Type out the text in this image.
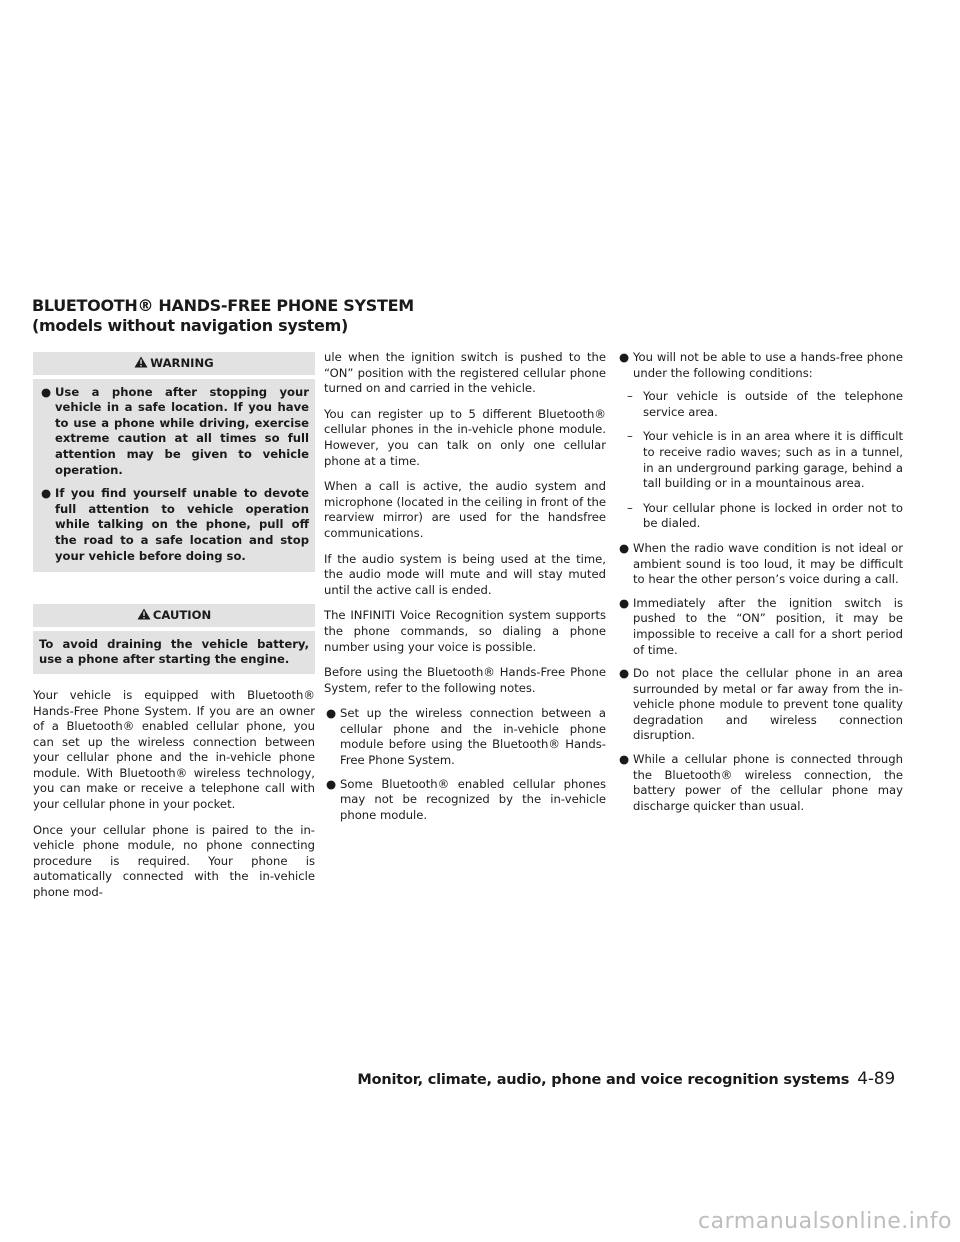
BLUETOOTH® HANDS-FREE PHONE SYSTEM
(models without navigation system)
WARNING
● Use a phone after stopping your vehicle in a safe location. If you have to use a phone while driving, exercise extreme caution at all times so full attention may be given to vehicle operation.
● If you find yourself unable to devote full attention to vehicle operation while talking on the phone, pull off the road to a safe location and stop your vehicle before doing so.
CAUTION
To avoid draining the vehicle battery, use a phone after starting the engine.

Your vehicle is equipped with Bluetooth® Hands-Free Phone System. If you are an owner of a Bluetooth® enabled cellular phone, you can set up the wireless connection between your cellular phone and the in-vehicle phone module. With Bluetooth® wireless technology, you can make or receive a telephone call with your cellular phone in your pocket.

Once your cellular phone is paired to the in-vehicle phone module, no phone connecting procedure is required. Your phone is automatically connected with the in-vehicle phone mod-

ule when the ignition switch is pushed to the “ON” position with the registered cellular phone turned on and carried in the vehicle.

You can register up to 5 different Bluetooth® cellular phones in the in-vehicle phone module. However, you can talk on only one cellular phone at a time.

When a call is active, the audio system and microphone (located in the ceiling in front of the rearview mirror) are used for the handsfree communications.

If the audio system is being used at the time, the audio mode will mute and will stay muted until the active call is ended.

The INFINITI Voice Recognition system supports the phone commands, so dialing a phone number using your voice is possible.

Before using the Bluetooth® Hands-Free Phone System, refer to the following notes.

● Set up the wireless connection between a cellular phone and the in-vehicle phone module before using the Bluetooth® Hands-Free Phone System.
● Some Bluetooth® enabled cellular phones may not be recognized by the in-vehicle phone module.
● You will not be able to use a hands-free phone under the following conditions:
– Your vehicle is outside of the telephone service area.
– Your vehicle is in an area where it is difficult to receive radio waves; such as in a tunnel, in an underground parking garage, behind a tall building or in a mountainous area.
– Your cellular phone is locked in order not to be dialed.
● When the radio wave condition is not ideal or ambient sound is too loud, it may be difficult to hear the other person’s voice during a call.
● Immediately after the ignition switch is pushed to the “ON” position, it may be impossible to receive a call for a short period of time.
● Do not place the cellular phone in an area surrounded by metal or far away from the in-vehicle phone module to prevent tone quality degradation and wireless connection disruption.
● While a cellular phone is connected through the Bluetooth® wireless connection, the battery power of the cellular phone may discharge quicker than usual.
Monitor, climate, audio, phone and voice recognition systems 4-89
carmanualsonline.info
